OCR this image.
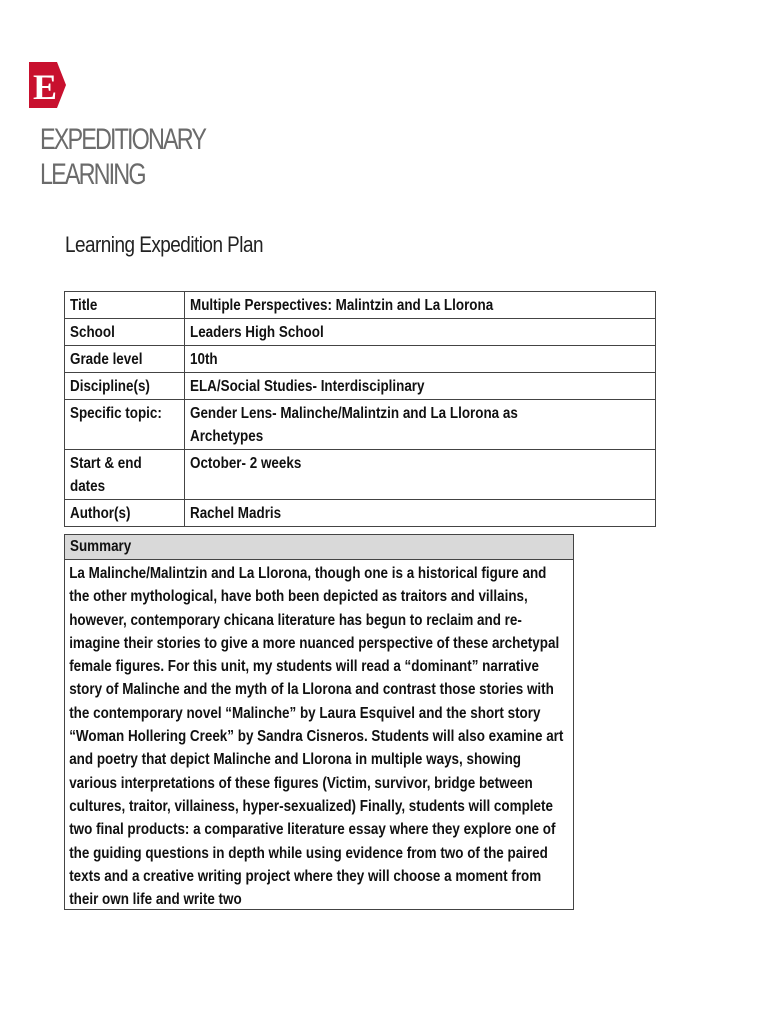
E
EXPEDITIONARY
LEARNING
Learning Expedition Plan
Title	Multiple Perspectives: Malintzin and La Llorona
School	Leaders High School
Grade level	10th
Discipline(s)	ELA/Social Studies- Interdisciplinary
Specific topic:	Gender Lens- Malinche/Malintzin and La Llorona as Archetypes

Start & end dates	October- 2 weeks
Author(s)	Rachel Madris
Summary
La Malinche/Malintzin and La Llorona, though one is a historical figure and the other mythological, have both been depicted as traitors and villains, however, contemporary chicana literature has begun to reclaim and re-imagine their stories to give a more nuanced perspective of these archetypal female figures. For this unit, my students will read a “dominant” narrative story of Malinche and the myth of la Llorona and contrast those stories with the contemporary novel “Malinche” by Laura Esquivel and the short story “Woman Hollering Creek” by Sandra Cisneros. Students will also examine art and poetry that depict Malinche and Llorona in multiple ways, showing various interpretations of these figures (Victim, survivor, bridge between cultures, traitor, villainess, hyper-sexualized) Finally, students will complete two final products: a comparative literature essay where they explore one of the guiding questions in depth while using evidence from two of the paired texts and a creative writing project where they will choose a moment from their own life and write two
